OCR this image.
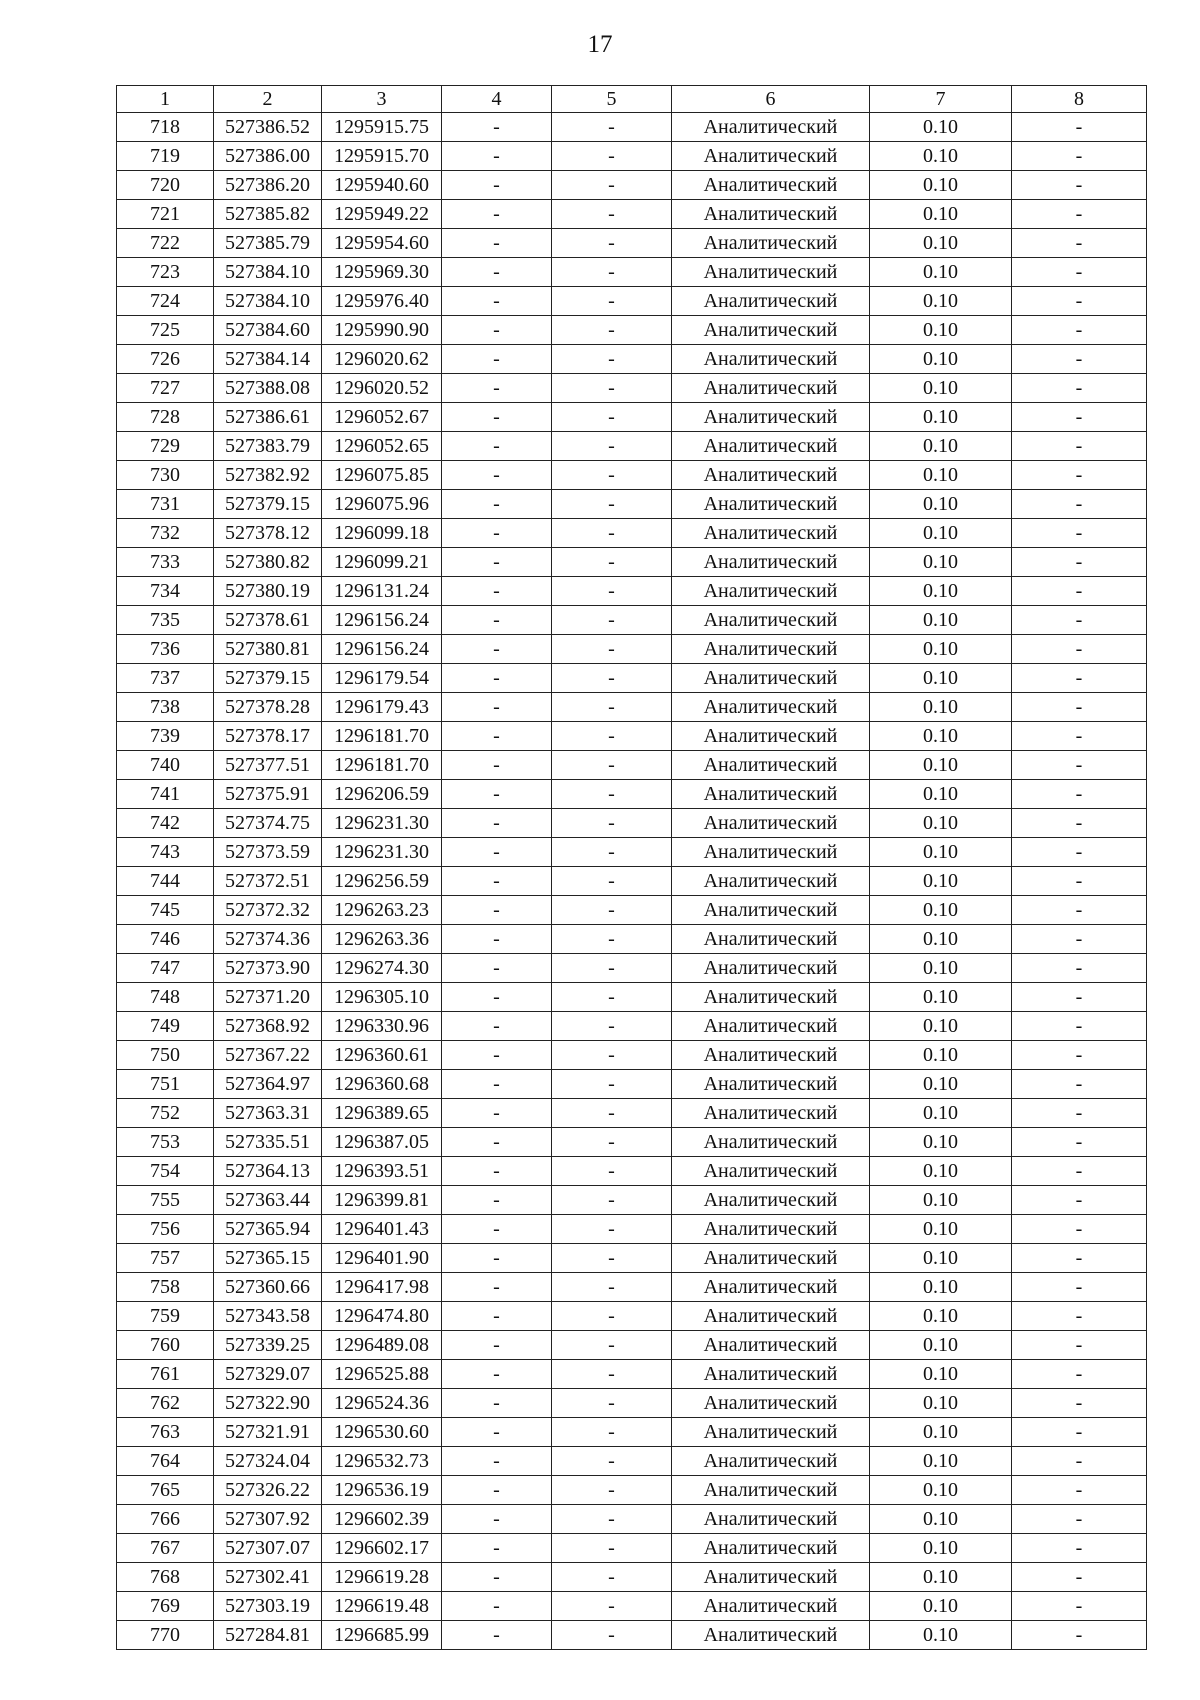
17
1	2	3	4	5	6	7	8
718	527386.52	1295915.75	-	-	Аналитический	0.10	-
719	527386.00	1295915.70	-	-	Аналитический	0.10	-
720	527386.20	1295940.60	-	-	Аналитический	0.10	-
721	527385.82	1295949.22	-	-	Аналитический	0.10	-
722	527385.79	1295954.60	-	-	Аналитический	0.10	-
723	527384.10	1295969.30	-	-	Аналитический	0.10	-
724	527384.10	1295976.40	-	-	Аналитический	0.10	-
725	527384.60	1295990.90	-	-	Аналитический	0.10	-
726	527384.14	1296020.62	-	-	Аналитический	0.10	-
727	527388.08	1296020.52	-	-	Аналитический	0.10	-
728	527386.61	1296052.67	-	-	Аналитический	0.10	-
729	527383.79	1296052.65	-	-	Аналитический	0.10	-
730	527382.92	1296075.85	-	-	Аналитический	0.10	-
731	527379.15	1296075.96	-	-	Аналитический	0.10	-
732	527378.12	1296099.18	-	-	Аналитический	0.10	-
733	527380.82	1296099.21	-	-	Аналитический	0.10	-
734	527380.19	1296131.24	-	-	Аналитический	0.10	-
735	527378.61	1296156.24	-	-	Аналитический	0.10	-
736	527380.81	1296156.24	-	-	Аналитический	0.10	-
737	527379.15	1296179.54	-	-	Аналитический	0.10	-
738	527378.28	1296179.43	-	-	Аналитический	0.10	-
739	527378.17	1296181.70	-	-	Аналитический	0.10	-
740	527377.51	1296181.70	-	-	Аналитический	0.10	-
741	527375.91	1296206.59	-	-	Аналитический	0.10	-
742	527374.75	1296231.30	-	-	Аналитический	0.10	-
743	527373.59	1296231.30	-	-	Аналитический	0.10	-
744	527372.51	1296256.59	-	-	Аналитический	0.10	-
745	527372.32	1296263.23	-	-	Аналитический	0.10	-
746	527374.36	1296263.36	-	-	Аналитический	0.10	-
747	527373.90	1296274.30	-	-	Аналитический	0.10	-
748	527371.20	1296305.10	-	-	Аналитический	0.10	-
749	527368.92	1296330.96	-	-	Аналитический	0.10	-
750	527367.22	1296360.61	-	-	Аналитический	0.10	-
751	527364.97	1296360.68	-	-	Аналитический	0.10	-
752	527363.31	1296389.65	-	-	Аналитический	0.10	-
753	527335.51	1296387.05	-	-	Аналитический	0.10	-
754	527364.13	1296393.51	-	-	Аналитический	0.10	-
755	527363.44	1296399.81	-	-	Аналитический	0.10	-
756	527365.94	1296401.43	-	-	Аналитический	0.10	-
757	527365.15	1296401.90	-	-	Аналитический	0.10	-
758	527360.66	1296417.98	-	-	Аналитический	0.10	-
759	527343.58	1296474.80	-	-	Аналитический	0.10	-
760	527339.25	1296489.08	-	-	Аналитический	0.10	-
761	527329.07	1296525.88	-	-	Аналитический	0.10	-
762	527322.90	1296524.36	-	-	Аналитический	0.10	-
763	527321.91	1296530.60	-	-	Аналитический	0.10	-
764	527324.04	1296532.73	-	-	Аналитический	0.10	-
765	527326.22	1296536.19	-	-	Аналитический	0.10	-
766	527307.92	1296602.39	-	-	Аналитический	0.10	-
767	527307.07	1296602.17	-	-	Аналитический	0.10	-
768	527302.41	1296619.28	-	-	Аналитический	0.10	-
769	527303.19	1296619.48	-	-	Аналитический	0.10	-
770	527284.81	1296685.99	-	-	Аналитический	0.10	-
